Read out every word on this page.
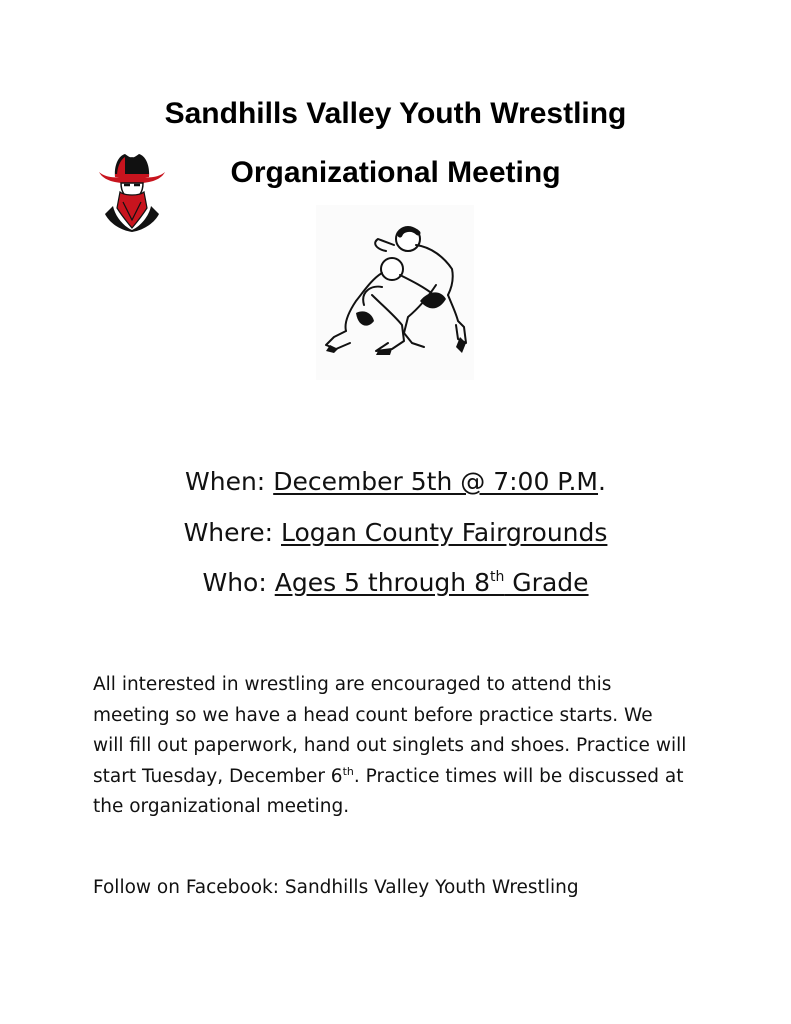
Sandhills Valley Youth Wrestling
Organizational Meeting
When: December 5th @ 7:00 P.M.
Where: Logan County Fairgrounds
Who: Ages 5 through 8th Grade
All interested in wrestling are encouraged to attend this
meeting so we have a head count before practice starts. We
will fill out paperwork, hand out singlets and shoes. Practice will
start Tuesday, December 6th. Practice times will be discussed at
the organizational meeting.
Follow on Facebook: Sandhills Valley Youth Wrestling
